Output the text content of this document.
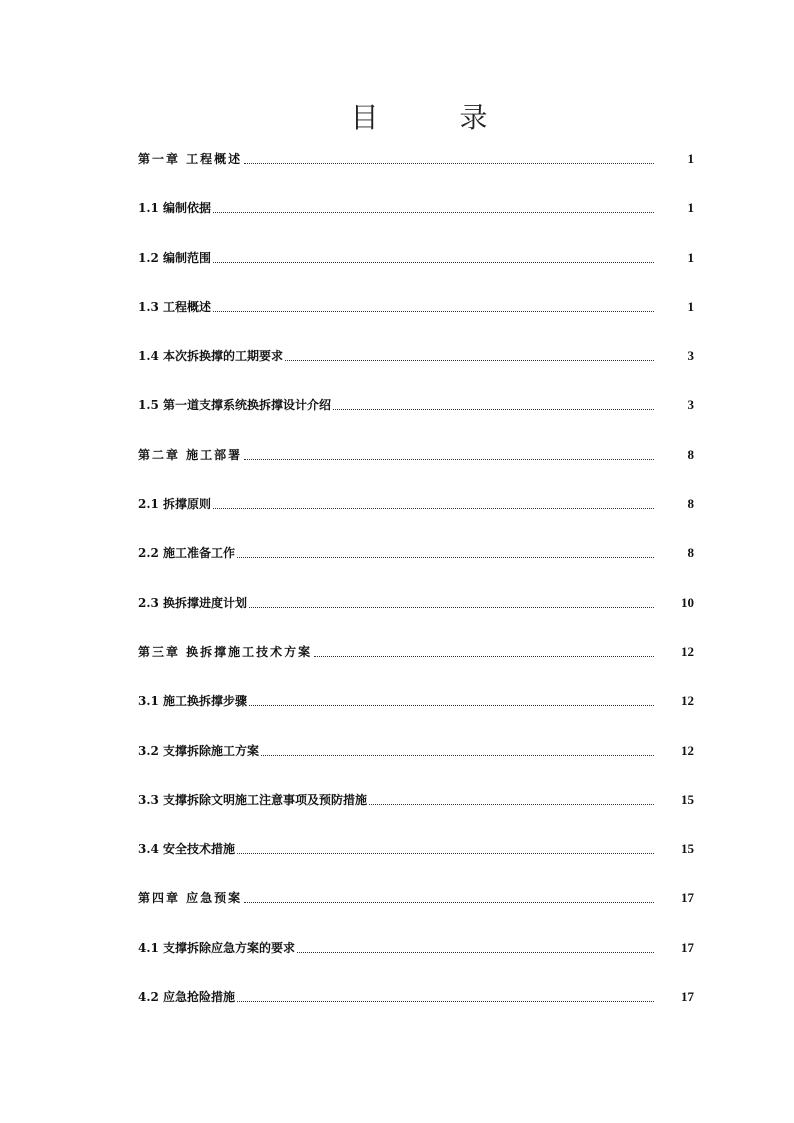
目 录
第一章 工程概述	1
1.1 编制依据	1
1.2 编制范围	1
1.3 工程概述	1
1.4 本次拆换撑的工期要求	3
1.5 第一道支撑系统换拆撑设计介绍	3
第二章 施工部署	8
2.1 拆撑原则	8
2.2 施工准备工作	8
2.3 换拆撑进度计划	10
第三章 换拆撑施工技术方案	12
3.1 施工换拆撑步骤	12
3.2 支撑拆除施工方案	12
3.3 支撑拆除文明施工注意事项及预防措施	15
3.4 安全技术措施	15
第四章 应急预案	17
4.1 支撑拆除应急方案的要求	17
4.2 应急抢险措施	17
